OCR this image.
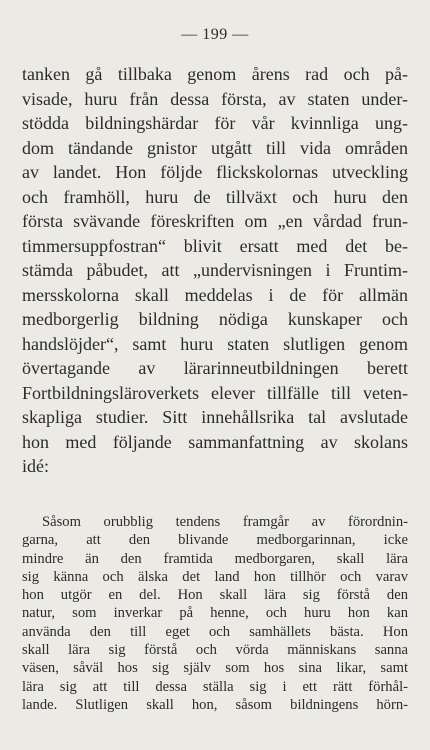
— 199 —
tanken gå tillbaka genom årens rad och på-
visade, huru från dessa första, av staten under-
stödda bildningshärdar för vår kvinnliga ung-
dom tändande gnistor utgått till vida områden
av landet. Hon följde flickskolornas utveckling
och framhöll, huru de tillväxt och huru den
första svävande föreskriften om „en vårdad frun-
timmersuppfostran“ blivit ersatt med det be-
stämda påbudet, att „undervisningen i Fruntim-
mersskolorna skall meddelas i de för allmän
medborgerlig bildning nödiga kunskaper och
handslöjder“, samt huru staten slutligen genom
övertagande av lärarinneutbildningen berett
Fortbildningsläroverkets elever tillfälle till veten-
skapliga studier. Sitt innehållsrika tal avslutade
hon med följande sammanfattning av skolans
idé:
Såsom orubblig tendens framgår av förordnin-
garna, att den blivande medborgarinnan, icke
mindre än den framtida medborgaren, skall lära
sig känna och älska det land hon tillhör och varav
hon utgör en del. Hon skall lära sig förstå den
natur, som inverkar på henne, och huru hon kan
använda den till eget och samhällets bästa. Hon
skall lära sig förstå och vörda människans sanna
väsen, såväl hos sig själv som hos sina likar, samt
lära sig att till dessa ställa sig i ett rätt förhål-
lande. Slutligen skall hon, såsom bildningens hörn-
